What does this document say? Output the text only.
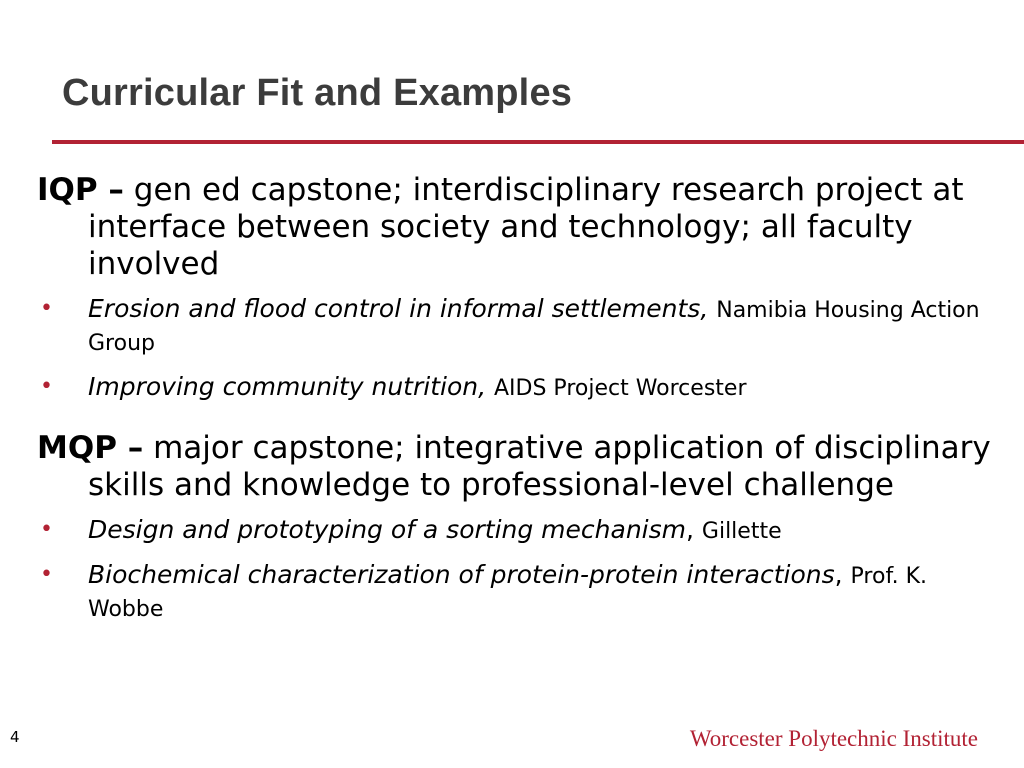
Curricular Fit and Examples

IQP – gen ed capstone; interdisciplinary research project at interface between society and technology; all faculty involved

• Erosion and flood control in informal settlements, Namibia Housing Action Group
• Improving community nutrition, AIDS Project Worcester

MQP – major capstone; integrative application of disciplinary skills and knowledge to professional-level challenge

• Design and prototyping of a sorting mechanism, Gillette
• Biochemical characterization of protein-protein interactions, Prof. K. Wobbe
4	Worcester Polytechnic Institute
